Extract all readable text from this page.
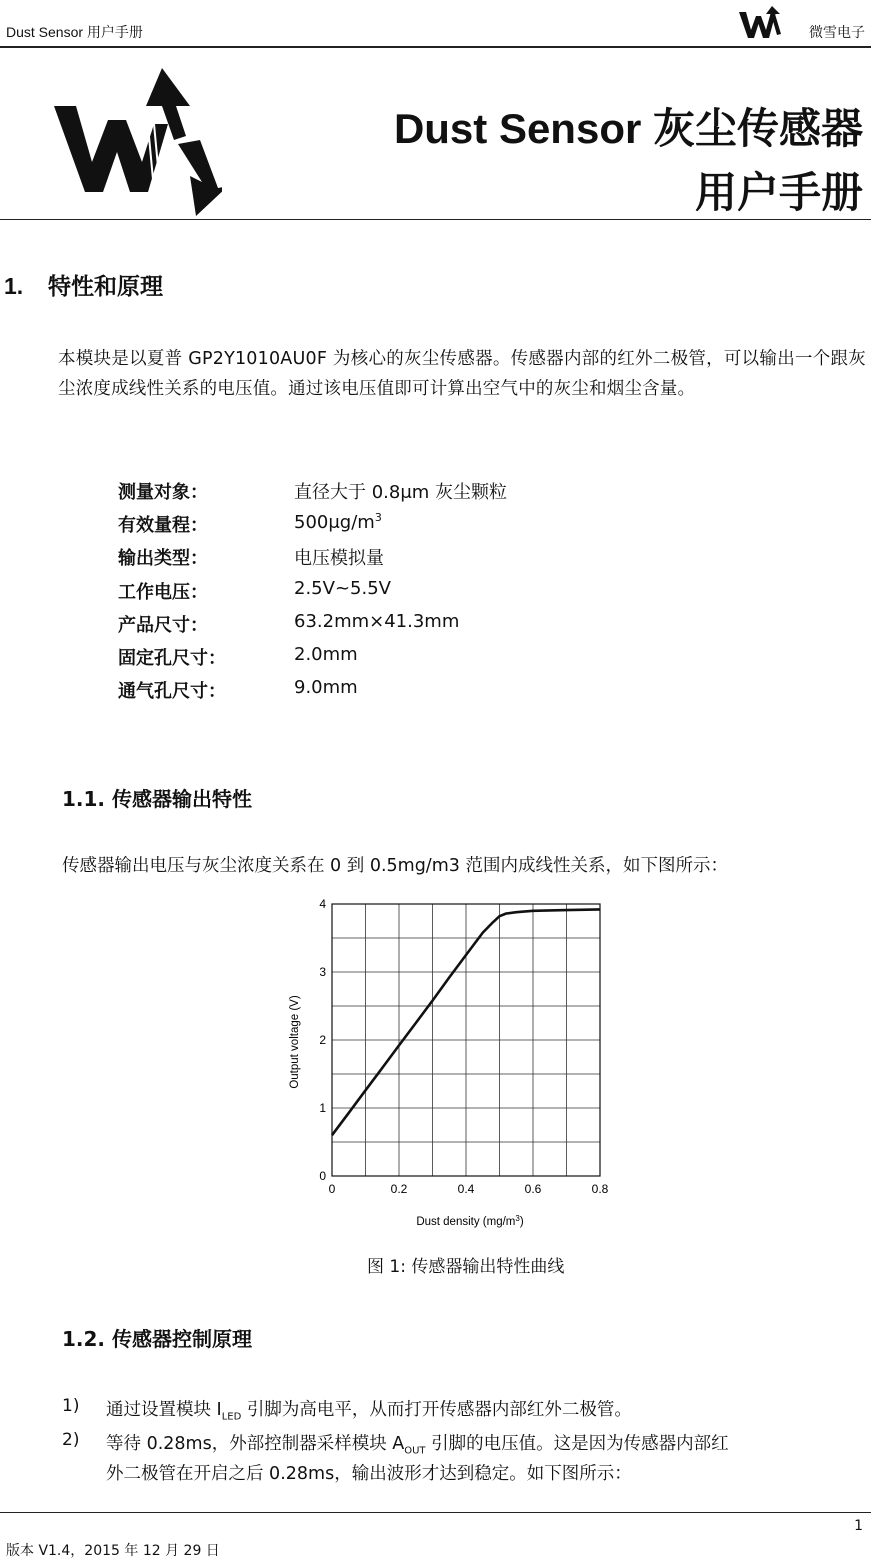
Dust Sensor 用户手册	微雪电子
Dust Sensor 灰尘传感器
用户手册
1. 特性和原理
本模块是以夏普 GP2Y1010AU0F 为核心的灰尘传感器。传感器内部的红外二极管，可以输出一个跟灰尘浓度成线性关系的电压值。通过该电压值即可计算出空气中的灰尘和烟尘含量。
测量对象：	直径大于 0.8μm 灰尘颗粒
有效量程：	$500\mu g/m^3$
输出类型：	电压模拟量
工作电压：	2.5V~5.5V
产品尺寸：	63.2mm×41.3mm
固定孔尺寸：	2.0mm
通气孔尺寸：	9.0mm
1.1. 传感器输出特性
传感器输出电压与灰尘浓度关系在 0 到 0.5mg/m3 范围内成线性关系，如下图所示：
0	0.2	0.4	0.6	0.8
0
1
2
3
4
Output voltage (V)
Dust density $(mg/m^3)$
图 1: 传感器输出特性曲线
1.2. 传感器控制原理
1) 通过设置模块 $I_{LED}$ 引脚为高电平，从而打开传感器内部红外二极管。
2) 等待 0.28ms，外部控制器采样模块 $A_{OUT}$ 引脚的电压值。这是因为传感器内部红
外二极管在开启之后 0.28ms，输出波形才达到稳定。如下图所示：
1
版本 V1.4，2015 年 12 月 29 日
